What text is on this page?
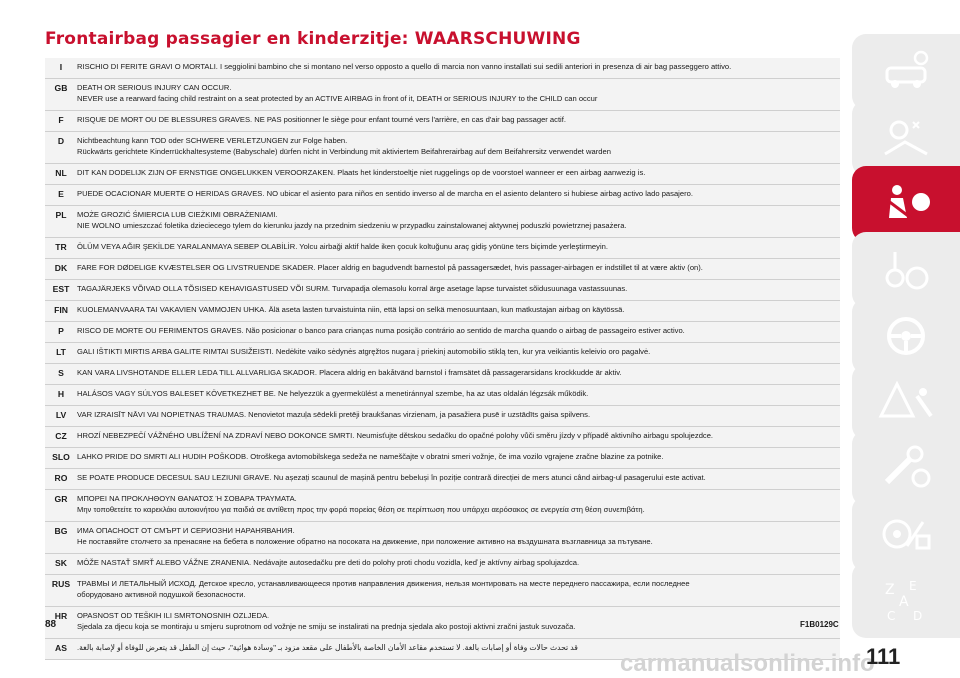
Frontairbag passagier en kinderzitje: WAARSCHUWING
I	RISCHIO DI FERITE GRAVI O MORTALI. I seggiolini bambino che si montano nel verso opposto a quello di marcia non vanno installati sui sedili anteriori in presenza di air bag passeggero attivo.
GB	DEATH OR SERIOUS INJURY CAN OCCUR.
NEVER use a rearward facing child restraint on a seat protected by an ACTIVE AIRBAG in front of it, DEATH or SERIOUS INJURY to the CHILD can occur
F	RISQUE DE MORT OU DE BLESSURES GRAVES. NE PAS positionner le siège pour enfant tourné vers l'arrière, en cas d'air bag passager actif.
D	Nichtbeachtung kann TOD oder SCHWERE VERLETZUNGEN zur Folge haben.
Rückwärts gerichtete Kinderrückhaltesysteme (Babyschale) dürfen nicht in Verbindung mit aktiviertem Beifahrerairbag auf dem Beifahrersitz verwendet warden
NL	DIT KAN DODELIJK ZIJN OF ERNSTIGE ONGELUKKEN VEROORZAKEN. Plaats het kinderstoeltje niet ruggelings op de voorstoel wanneer er een airbag aanwezig is.
E	PUEDE OCACIONAR MUERTE O HERIDAS GRAVES. NO ubicar el asiento para niños en sentido inverso al de marcha en el asiento delantero si hubiese airbag activo lado pasajero.
PL	MOŻE GROZIĆ ŚMIERCIA LUB CIEŻKIMI OBRAŻENIAMI.
NIE WOLNO umieszczać foletika dzieciecego tylem do kierunku jazdy na przednim siedzeniu w przypadku zainstalowanej aktywnej poduszki powietrznej pasażera.
TR	ÖLÜM VEYA AĞIR ŞEKİLDE YARALANMAYA SEBEP OLABİLİR. Yolcu airbaği aktif halde iken çocuk koltuğunu araç gidiş yönüne ters biçimde yerleştirmeyin.
DK	FARE FOR DØDELIGE KVÆSTELSER OG LIVSTRUENDE SKADER. Placer aldrig en bagudvendt barnestol på passagersædet, hvis passager-airbagen er indstillet til at være aktiv (on).
EST	TAGAJÄRJEKS VÕIVAD OLLA TÕSISED KEHAVIGASTUSED VÕI SURM. Turvapadja olemasolu korral ärge asetage lapse turvaistet sõidusuunaga vastassuunas.
FIN	KUOLEMANVAARA TAI VAKAVIEN VAMMOJEN UHKA. Älä aseta lasten turvaistuinta niin, että lapsi on selkä menosuuntaan, kun matkustajan airbag on käytössä.
P	RISCO DE MORTE OU FERIMENTOS GRAVES. Não posicionar o banco para crianças numa posição contrário ao sentido de marcha quando o airbag de passageiro estiver activo.
LT	GALI IŠTIKTI MIRTIS ARBA GALITE RIMTAI SUSIŽEISTI. Nedėkite vaiko sėdynės atgręžtos nugara į priekinį automobilio stiklą ten, kur yra veikiantis keleivio oro pagalvė.
S	KAN VARA LIVSHOTANDE ELLER LEDA TILL ALLVARLIGA SKADOR. Placera aldrig en bakåtvänd barnstol i framsätet då passagerarsidans krockkudde är aktiv.
H	HALÁSOS VAGY SÚLYOS BALESET KÖVETKEZHET BE. Ne helyezzük a gyermekülést a menetiránnyal szembe, ha az utas oldalán légzsák működik.
LV	VAR IZRAISĪT NĀVI VAI NOPIETNAS TRAUMAS. Nenovietot mazuļa sēdekli pretēji braukšanas virzienam, ja pasažiera pusē ir uzstādīts gaisa spilvens.
CZ	HROZÍ NEBEZPEČÍ VÁŽNÉHO UBLÍŽENÍ NA ZDRAVÍ NEBO DOKONCE SMRTI. Neumisťujte dětskou sedačku do opačné polohy vůči směru jízdy v případě aktivního airbagu spolujezdce.
SLO LAHKO PRIDE DO SMRTI ALI HUDIH POŠKODB. Otroškega avtomobilskega sedeža ne nameščajte v obratni smeri vožnje, če ima vozilo vgrajene zračne blazine za potnike.
RO	SE POATE PRODUCE DECESUL SAU LEZIUNI GRAVE. Nu așezați scaunul de mașină pentru bebeluși în poziție contrară direcției de mers atunci când airbag-ul pasagerului este activat.
GR	ΜΠΟΡΕΙ ΝΑ ΠΡΟΚΛΗΘΟΥΝ ΘΑΝΑΤΟΣ Ή ΣΟΒΑΡΑ ΤΡΑΥΜΑΤΑ.
Μην τοποθετείτε το καρεκλάκι αυτοκινήτου για παιδιά σε αντίθετη προς την φορά πορείας θέση σε περίπτωση που υπάρχει αερόσακος σε ενεργεία στη θέση συνεπιβάτη.
BG	ИМА ОПАСНОСТ ОТ СМЪРТ И СЕРИОЗНИ НАРАНЯВАНИЯ.
Не поставяйте столчето за пренасяне на бебета в положение обратно на посоката на движение, при положение активно на въздушната възглавница за пътуване.
SK	MÔŽE NASTAŤ SMRŤ ALEBO VÁŽNE ZRANENIA. Nedávajte autosedačku pre deti do polohy proti chodu vozidla, keď je aktívny airbag spolujazdca.
RUS ТРАВМЫ И ЛЕТАЛЬНЫЙ ИСХОД. Детское кресло, устанавливающееся против направления движения, нельзя монтировать на месте переднего пассажира, если последнее
оборудовано активной подушкой безопасности.
HR	OPASNOST OD TEŠKIH ILI SMRTONOSNIH OZLJEDA.
Sjedala za djecu koja se montiraju u smjeru suprotnom od vožnje ne smiju se instalirati na prednja sjedala ako postoji aktivni zračni jastuk suvozača.
AS	قد تحدث حالات وفاة أو إصابات بالغة. لا تستخدم مقاعد الأمان الخاصة بالأطفال على مقعد مزود بـ "وسادة هوائية"، حيث إن الطفل قد يتعرض للوفاة أو لإصابة بالغة.
88	F1B0129C
Z E
A
C D
carmanualsonline.info
111
